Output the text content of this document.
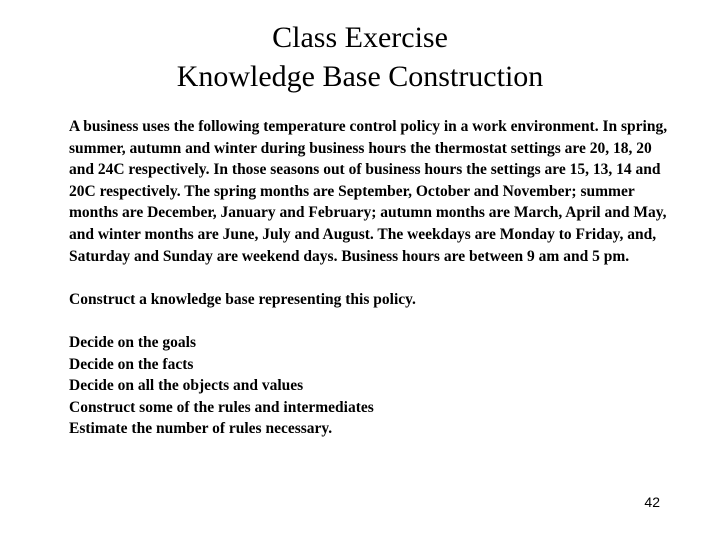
Class Exercise
Knowledge Base Construction

A business uses the following temperature control policy in a work environment. In spring, summer, autumn and winter during business hours the thermostat settings are 20, 18, 20 and 24C respectively. In those seasons out of business hours the settings are 15, 13, 14 and 20C respectively. The spring months are September, October and November; summer months are December, January and February; autumn months are March, April and May, and winter months are June, July and August. The weekdays are Monday to Friday, and, Saturday and Sunday are weekend days. Business hours are between 9 am and 5 pm.

Construct a knowledge base representing this policy.

Decide on the goals
Decide on the facts
Decide on all the objects and values
Construct some of the rules and intermediates
Estimate the number of rules necessary.
42
